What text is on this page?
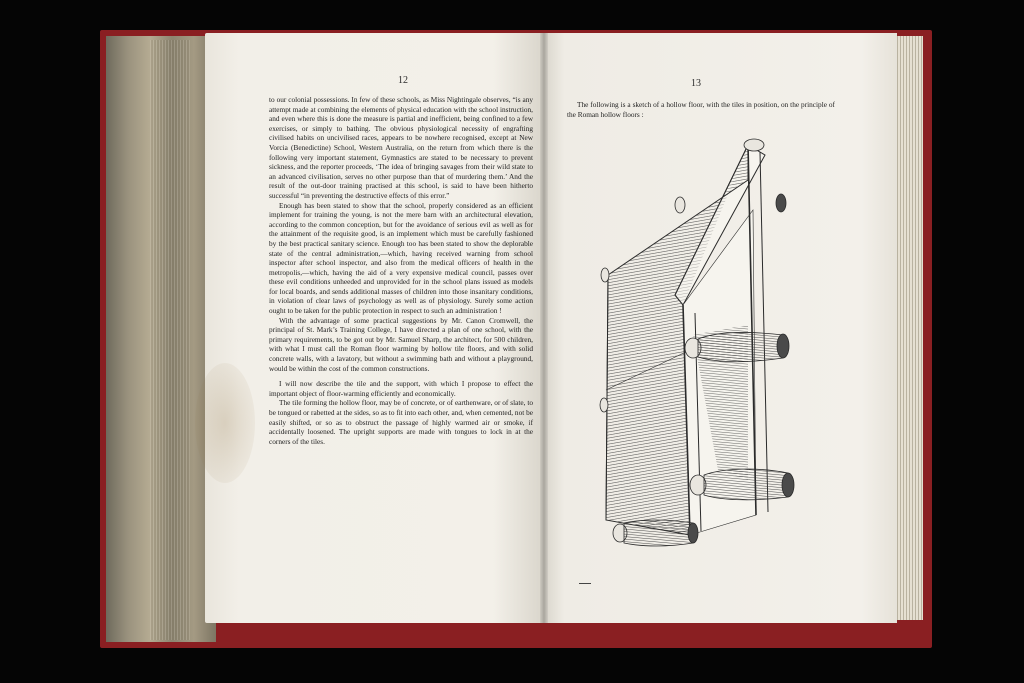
12

to our colonial possessions. In few of these schools, as Miss Nightingale observes, “is any attempt made at combining the elements of physical education with the school instruction, and even where this is done the measure is partial and inefficient, being confined to a few exercises, or simply to bathing. The obvious physiological necessity of engrafting civilised habits on uncivilised races, appears to be nowhere recognised, except at New Vorcia (Benedictine) School, Western Australia, on the return from which there is the following very important statement, Gymnastics are stated to be necessary to prevent sickness, and the reporter proceeds, ‘The idea of bringing savages from their wild state to an advanced civilisation, serves no other purpose than that of murdering them.’ And the result of the out-door training practised at this school, is said to have been hitherto successful “in preventing the destructive effects of this error.”

Enough has been stated to show that the school, properly considered as an efficient implement for training the young, is not the mere barn with an architectural elevation, according to the common conception, but for the avoidance of serious evil as well as for the attainment of the requisite good, is an implement which must be carefully fashioned by the best practical sanitary science. Enough too has been stated to show the deplorable state of the central administration,—which, having received warning from school inspector after school inspector, and also from the medical officers of health in the metropolis,—which, having the aid of a very expensive medical council, passes over these evil conditions unheeded and unprovided for in the school plans issued as models for local boards, and sends additional masses of children into those insanitary conditions, in violation of clear laws of psychology as well as of physiology. Surely some action ought to be taken for the public protection in respect to such an administration !

With the advantage of some practical suggestions by Mr. Canon Cromwell, the principal of St. Mark’s Training College, I have directed a plan of one school, with the primary requirements, to be got out by Mr. Samuel Sharp, the architect, for 500 children, with what I must call the Roman floor warming by hollow tile floors, and with solid concrete walls, with a lavatory, but without a swimming bath and without a playground, would be within the cost of the common constructions.

I will now describe the tile and the support, with which I propose to effect the important object of floor-warming efficiently and economically.

The tile forming the hollow floor, may be of concrete, or of earthenware, or of slate, to be tongued or rabetted at the sides, so as to fit into each other, and, when cemented, not be easily shifted, or so as to obstruct the passage of highly warmed air or smoke, if accidentally loosened. The upright supports are made with tongues to lock in at the corners of the tiles.

13
The following is a sketch of a hollow floor, with the tiles in position, on the principle of the Roman hollow floors :
